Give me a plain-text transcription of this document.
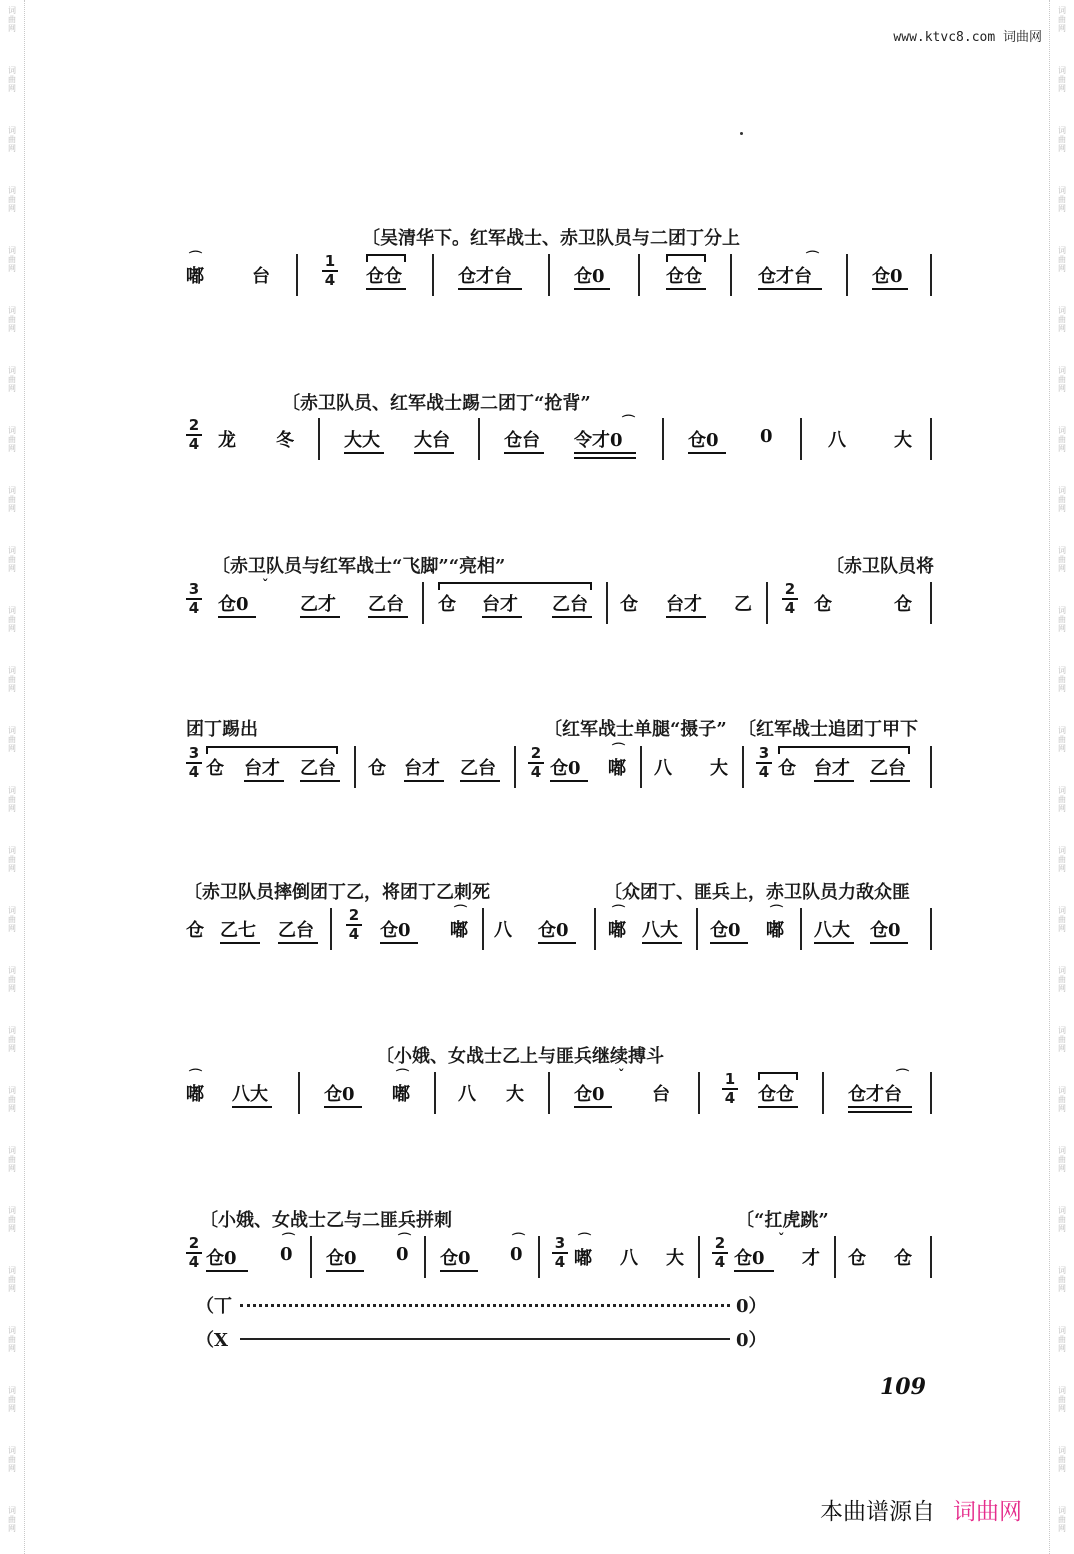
词
曲
网
词
曲
网
词
曲
网
词
曲
网
词
曲
网
词
曲
网
词
曲
网
词
曲
网
词
曲
网
词
曲
网
词
曲
网
词
曲
网
词
曲
网
词
曲
网
词
曲
网
词
曲
网
词
曲
网
词
曲
网
词
曲
网
词
曲
网
词
曲
网
词
曲
网
词
曲
网
词
曲
网
词
曲
网
词
曲
网
词
曲
网
词
曲
网
词
曲
网
词
曲
网
词
曲
网
词
曲
网
词
曲
网
词
曲
网
词
曲
网
词
曲
网
词
曲
网
词
曲
网
词
曲
网
词
曲
网
词
曲
网
词
曲
网
词
曲
网
词
曲
网
词
曲
网
词
曲
网
词
曲
网
词
曲
网
词
曲
网
词
曲
网
词
曲
网
词
曲
网
www.ktvc8.com 词曲网
〔吴清华下。红军战士、赤卫队员与二团丁分上
⌒
嘟	台
1
4 仓仓	仓才台	仓0	仓仓
⌒
仓才台	仓0
〔赤卫队员、红军战士踢二团丁“抢背”
2
4 龙 冬	大大 大台	仓台
⌒
令才0	仓0 0	八	大
〔赤卫队员与红军战士“飞脚”“亮相”	〔赤卫队员将
3
4 仓0
ˇ
乙才 乙台 仓 台才 乙台 仓 台才 乙
2
4 仓	仓
团丁踢出	〔红军战士单腿“摄子” 〔红军战士追团丁甲下
3
4 仓 台才 乙台 仓 台才 乙台
2
4 仓0
⌒
嘟 八 大
3
4 仓 台才 乙台
〔赤卫队员摔倒团丁乙，将团丁乙刺死	〔众团丁、匪兵上，赤卫队员力敌众匪
仓 乙七 乙台
2
4 仓0
⌒
嘟 八 仓0
⌒
嘟 八大 仓0
⌒
嘟 八大 仓0
〔小娥、女战士乙上与匪兵继续搏斗
⌒
嘟 八大	仓0
⌒
嘟	八 大	仓0
ˇ
台
1
4 仓仓
⌒
仓才台
〔小娥、女战士乙与二匪兵拼刺	〔“扛虎跳”
2
4 仓0
⌒
0 仓0
⌒
0 仓0
⌒
0
3
4
⌒
嘟 八 大
2
4 仓0
ˇ
才 仓 仓
（丅	0）
（X	0）
109
本曲谱源自 词曲网
